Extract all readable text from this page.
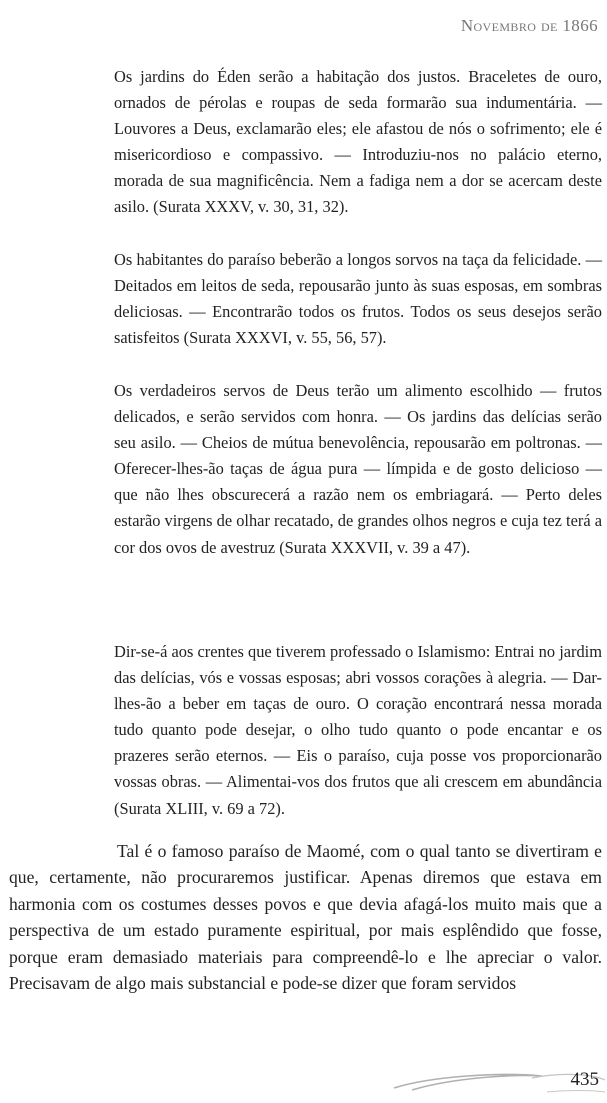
Novembro de 1866

Os jardins do Éden serão a habitação dos justos. Braceletes de ouro, ornados de pérolas e roupas de seda formarão sua indumentária. — Louvores a Deus, exclamarão eles; ele afastou de nós o sofrimento; ele é misericordioso e compassivo. — Introduziu-nos no palácio eterno, morada de sua magnificência. Nem a fadiga nem a dor se acercam deste asilo. (Surata XXXV, v. 30, 31, 32).

Os habitantes do paraíso beberão a longos sorvos na taça da felicidade. — Deitados em leitos de seda, repousarão junto às suas esposas, em sombras deliciosas. — Encontrarão todos os frutos. Todos os seus desejos serão satisfeitos (Surata XXXVI, v. 55, 56, 57).

Os verdadeiros servos de Deus terão um alimento escolhido — frutos delicados, e serão servidos com honra. — Os jardins das delícias serão seu asilo. — Cheios de mútua benevolência, repousarão em poltronas. — Oferecer-lhes-ão taças de água pura — límpida e de gosto delicioso — que não lhes obscurecerá a razão nem os embriagará. — Perto deles estarão virgens de olhar recatado, de grandes olhos negros e cuja tez terá a cor dos ovos de avestruz (Surata XXXVII, v. 39 a 47).

Dir-se-á aos crentes que tiverem professado o Islamismo: Entrai no jardim das delícias, vós e vossas esposas; abri vossos corações à alegria. — Dar-lhes-ão a beber em taças de ouro. O coração encontrará nessa morada tudo quanto pode desejar, o olho tudo quanto o pode encantar e os prazeres serão eternos. — Eis o paraíso, cuja posse vos proporcionarão vossas obras. — Alimentai-vos dos frutos que ali crescem em abundância (Surata XLIII, v. 69 a 72).

Tal é o famoso paraíso de Maomé, com o qual tanto se divertiram e que, certamente, não procuraremos justificar. Apenas diremos que estava em harmonia com os costumes desses povos e que devia afagá-los muito mais que a perspectiva de um estado puramente espiritual, por mais esplêndido que fosse, porque eram demasiado materiais para compreendê-lo e lhe apreciar o valor. Precisavam de algo mais substancial e pode-se dizer que foram servidos

435
